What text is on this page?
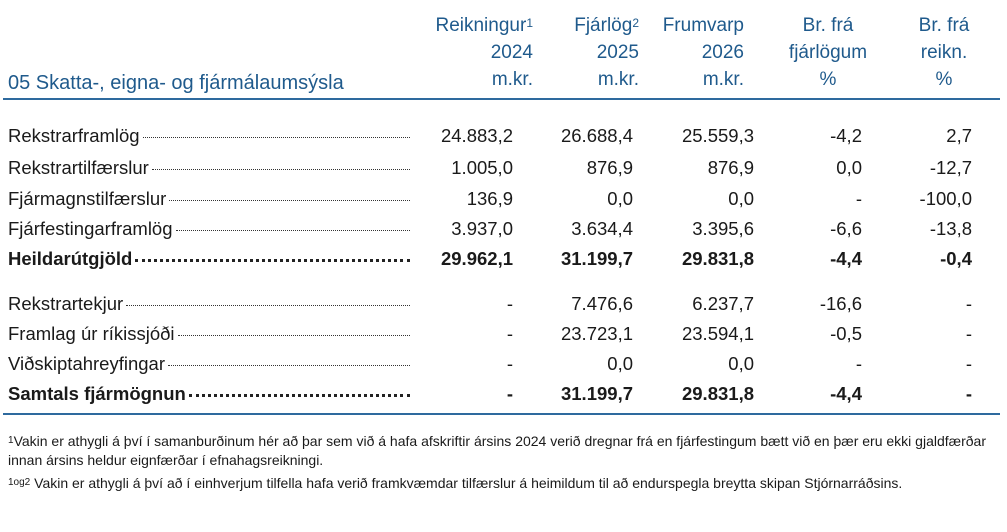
Reikningur$^1$
2024
m.kr.
Fjárlög$^2$
2025
m.kr.
Frumvarp
2026
m.kr.
Br. frá
fjárlögum
%
Br. frá
reikn.
%
05 Skatta-, eigna- og fjármálaumsýsla
Rekstrarframlög	24.883,2	26.688,4	25.559,3	-4,2	2,7
Rekstrartilfærslur	1.005,0	876,9	876,9	0,0	-12,7
Fjármagnstilfærslur	136,9	0,0	0,0	-	-100,0
Fjárfestingarframlög	3.937,0	3.634,4	3.395,6	-6,6	-13,8
Heildarútgjöld	29.962,1	31.199,7	29.831,8	-4,4	-0,4
Rekstrartekjur	-	7.476,6	6.237,7	-16,6	-
Framlag úr ríkissjóði	-	23.723,1	23.594,1	-0,5	-
Viðskiptahreyfingar	-	0,0	0,0	-	-
Samtals fjármögnun	-	31.199,7	29.831,8	-4,4	-
$^1$Vakin er athygli á því í samanburðinum hér að þar sem við á hafa afskriftir ársins 2024 verið dregnar frá en fjárfestingum bætt við en þær eru ekki gjaldfærðar innan ársins heldur eignfærðar í efnahagsreikningi.
$^{1og2}$ Vakin er athygli á því að í einhverjum tilfella hafa verið framkvæmdar tilfærslur á heimildum til að endurspegla breytta skipan Stjórnarráðsins.
